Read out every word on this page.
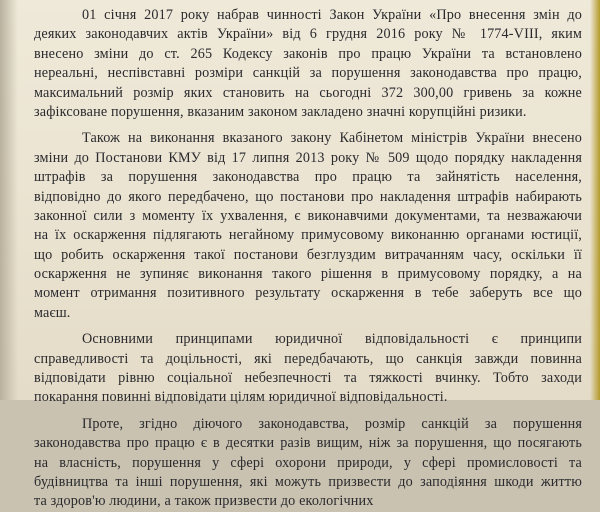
01 січня 2017 року набрав чинності Закон України «Про внесення змін до
деяких законодавчих актів України» від 6 грудня 2016 року № 1774-VIII, яким
внесено зміни до ст. 265 Кодексу законів про працю України та встановлено
нереальні, неспівставні розміри санкцій за порушення законодавства про працю,
максимальний розмір яких становить на сьогодні 372 300,00 гривень за кожне
зафіксоване порушення, вказаним законом закладено значні корупційні ризики.
Також на виконання вказаного закону Кабінетом міністрів України внесено
зміни до Постанови КМУ від 17 липня 2013 року № 509 щодо порядку накладення
штрафів за порушення законодавства про працю та зайнятість населення,
відповідно до якого передбачено, що постанови про накладення штрафів набирають
законної сили з моменту їх ухвалення, є виконавчими документами, та незважаючи
на їх оскарження підлягають негайному примусовому виконанню органами юстиції,
що робить оскарження такої постанови безглуздим витрачанням часу, оскільки її
оскарження не зупиняє виконання такого рішення в примусовому порядку, а на
момент отримання позитивного результату оскарження в тебе заберуть все що
маєш.
Основними принципами юридичної відповідальності є принципи
справедливості та доцільності, які передбачають, що санкція завжди повинна
відповідати рівню соціальної небезпечності та тяжкості вчинку. Тобто заходи
покарання повинні відповідати цілям юридичної відповідальності.
Проте, згідно діючого законодавства, розмір санкцій за порушення
законодавства про працю є в десятки разів вищим, ніж за порушення, що посягають
на власність, порушення у сфері охорони природи, у сфері промисловості та
будівництва та інші порушення, які можуть призвести до заподіяння шкоди життю
та здоров'ю людини, а також призвести до екологічних
